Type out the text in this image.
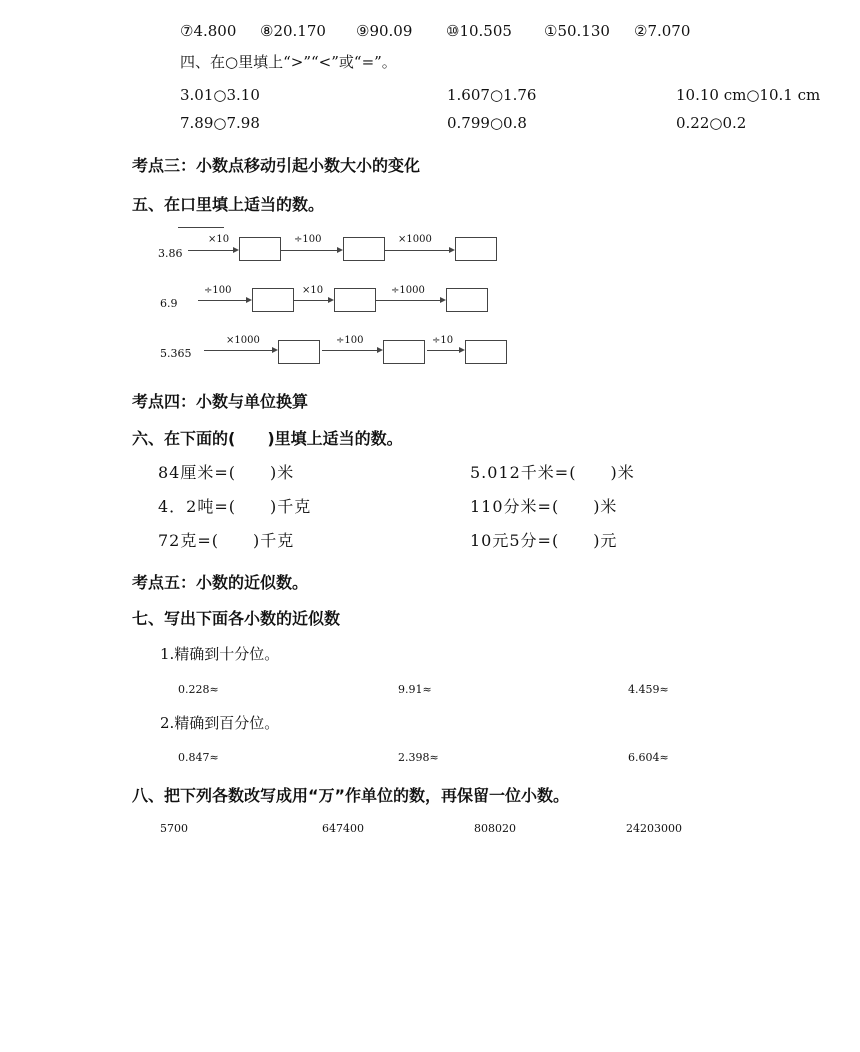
⑦4.800 ⑧20.170 ⑨90.09 ⑩10.505 ①50.130 ②7.070
四、在○里填上“>”“<”或“=”。
3.01○3.10	1.607○1.76	10.10 cm○10.1 cm
7.89○7.98	0.799○0.8	0.22○0.2
考点三：小数点移动引起小数大小的变化
五、在口里填上适当的数。
3.86
×10	÷100	×1000
6.9
÷100	×10	÷1000
5.365
×1000	÷100	÷10
考点四：小数与单位换算
六、在下面的(　　)里填上适当的数。
84厘米=(　　)米	5.012千米=(　　)米
4．2吨=(　　)千克	110分米=(　　)米
72克=(　　)千克	10元5分=(　　)元
考点五：小数的近似数。
七、写出下面各小数的近似数
1.精确到十分位。
0.228≈	9.91≈	4.459≈
2.精确到百分位。
0.847≈	2.398≈	6.604≈
八、把下列各数改写成用“万”作单位的数，再保留一位小数。
5700	647400	808020	24203000
